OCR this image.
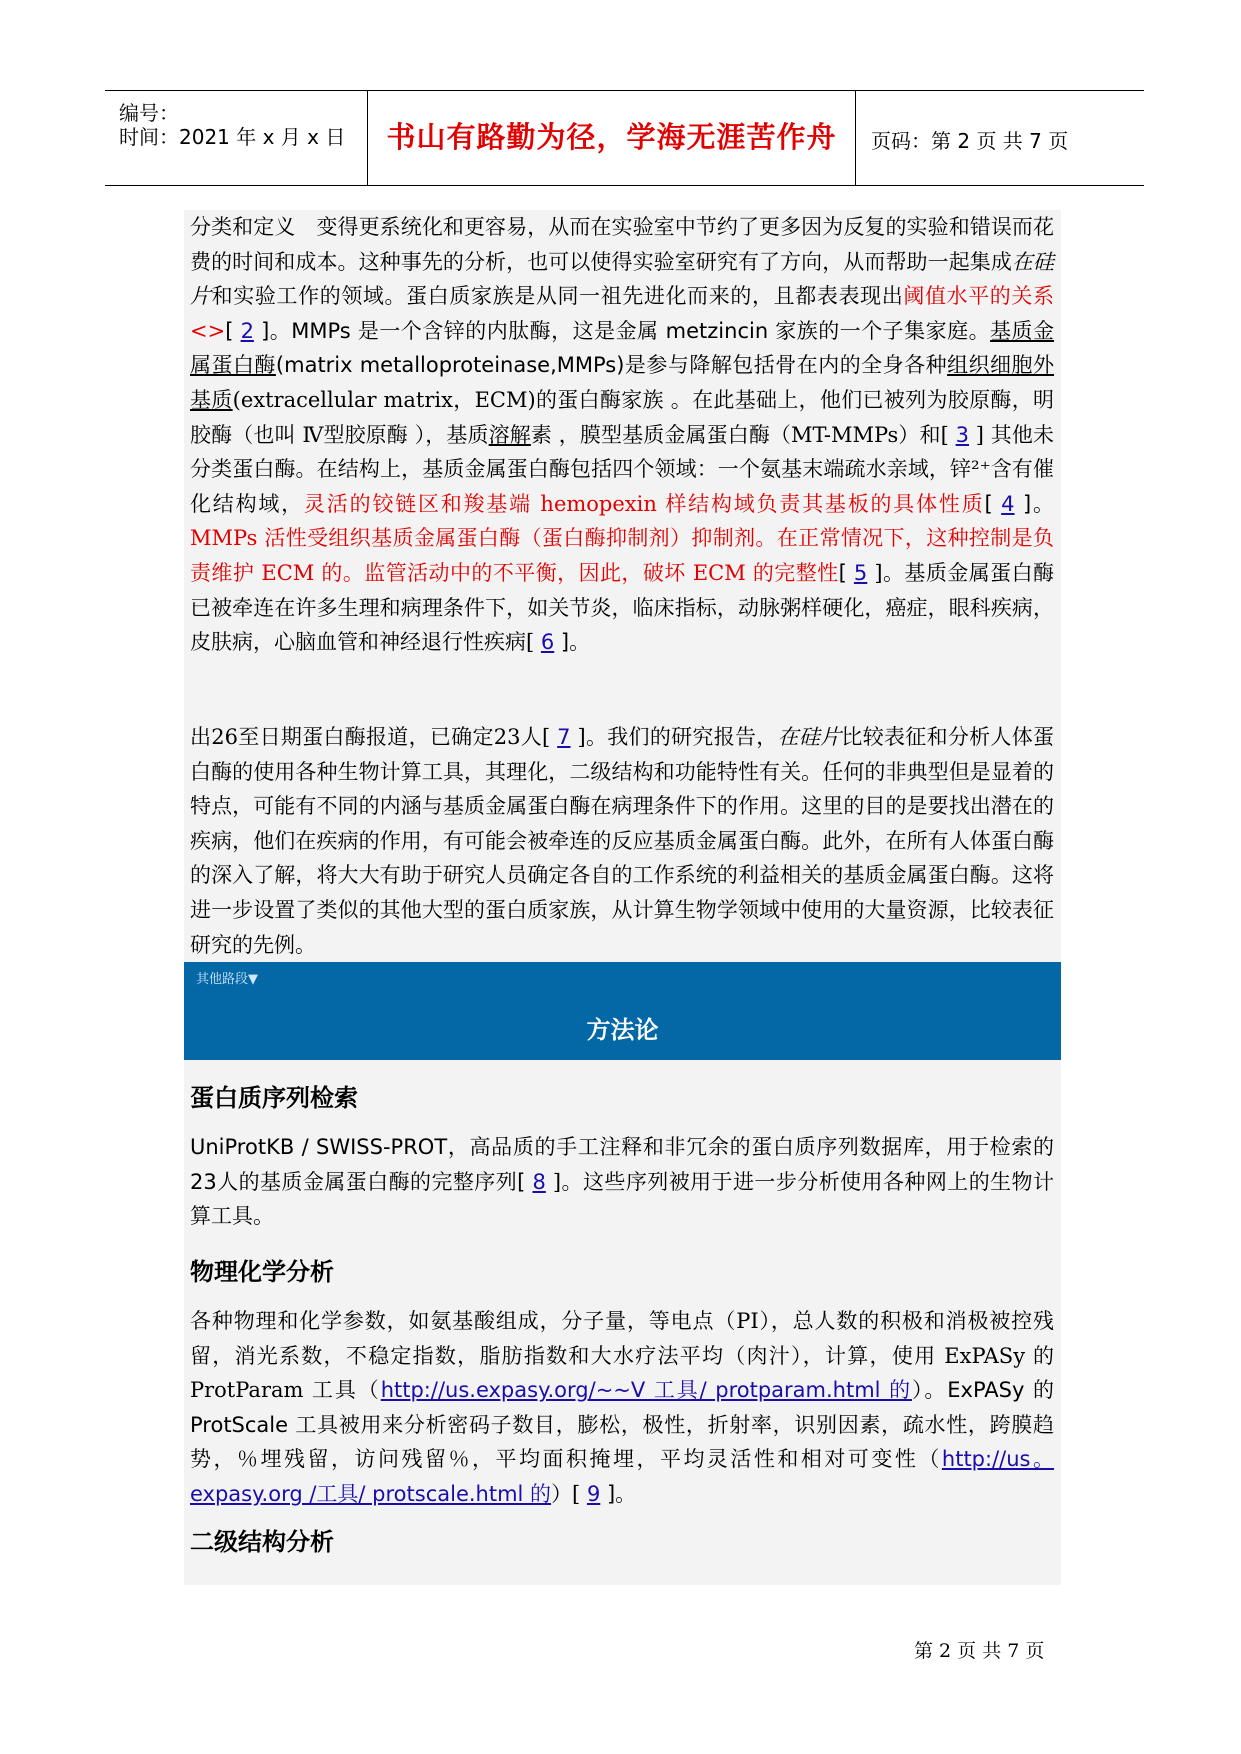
编号：
时间：2021 年 x 月 x 日	书山有路勤为径，学海无涯苦作舟	页码：第 2 页 共 7 页
分类和定义　变得更系统化和更容易，从而在实验室中节约了更多因为反复的实验和错误而花费的时间和成本。这种事先的分析，也可以使得实验室研究有了方向，从而帮助一起集成在硅片和实验工作的领域。蛋白质家族是从同一祖先进化而来的，且都表表现出阈值水平的关系<>[ 2 ]。MMPs 是一个含锌的内肽酶，这是金属 metzincin 家族的一个子集家庭。基质金属蛋白酶(matrix metalloproteinase,MMPs)是参与降解包括骨在内的全身各种组织细胞外基质(extracellular matrix，ECM)的蛋白酶家族 。在此基础上，他们已被列为胶原酶，明胶酶（也叫 Ⅳ型胶原酶 ），基质溶解素 ，膜型基质金属蛋白酶（MT-MMPs）和[ 3 ] 其他未分类蛋白酶。在结构上，基质金属蛋白酶包括四个领域：一个氨基末端疏水亲域，锌²⁺含有催化结构域，灵活的铰链区和羧基端 hemopexin 样结构域负责其基板的具体性质[ 4 ]。MMPs 活性受组织基质金属蛋白酶（蛋白酶抑制剂）抑制剂。在正常情况下，这种控制是负责维护 ECM 的。监管活动中的不平衡，因此，破坏 ECM 的完整性[ 5 ]。基质金属蛋白酶已被牵连在许多生理和病理条件下，如关节炎，临床指标，动脉粥样硬化，癌症，眼科疾病，皮肤病，心脑血管和神经退行性疾病[ 6 ]。
出26至日期蛋白酶报道，已确定23人[ 7 ]。我们的研究报告，在硅片比较表征和分析人体蛋白酶的使用各种生物计算工具，其理化，二级结构和功能特性有关。任何的非典型但是显着的特点，可能有不同的内涵与基质金属蛋白酶在病理条件下的作用。这里的目的是要找出潜在的疾病，他们在疾病的作用，有可能会被牵连的反应基质金属蛋白酶。此外，在所有人体蛋白酶的深入了解，将大大有助于研究人员确定各自的工作系统的利益相关的基质金属蛋白酶。这将进一步设置了类似的其他大型的蛋白质家族，从计算生物学领域中使用的大量资源，比较表征研究的先例。
其他路段▼
方法论
蛋白质序列检索
UniProtKB / SWISS-PROT，高品质的手工注释和非冗余的蛋白质序列数据库，用于检索的23人的基质金属蛋白酶的完整序列[ 8 ]。这些序列被用于进一步分析使用各种网上的生物计算工具。
物理化学分析
各种物理和化学参数，如氨基酸组成，分子量，等电点（PI），总人数的积极和消极被控残留，消光系数，不稳定指数，脂肪指数和大水疗法平均（肉汁），计算，使用 ExPASy 的 ProtParam 工具（http://us.expasy.org/~~V 工具/ protparam.html 的）。ExPASy 的 ProtScale 工具被用来分析密码子数目，膨松，极性，折射率，识别因素，疏水性，跨膜趋势，％埋残留，访问残留％，平均面积掩埋，平均灵活性和相对可变性（http://us。expasy.org /工具/ protscale.html 的）[ 9 ]。
二级结构分析
第 2 页 共 7 页
